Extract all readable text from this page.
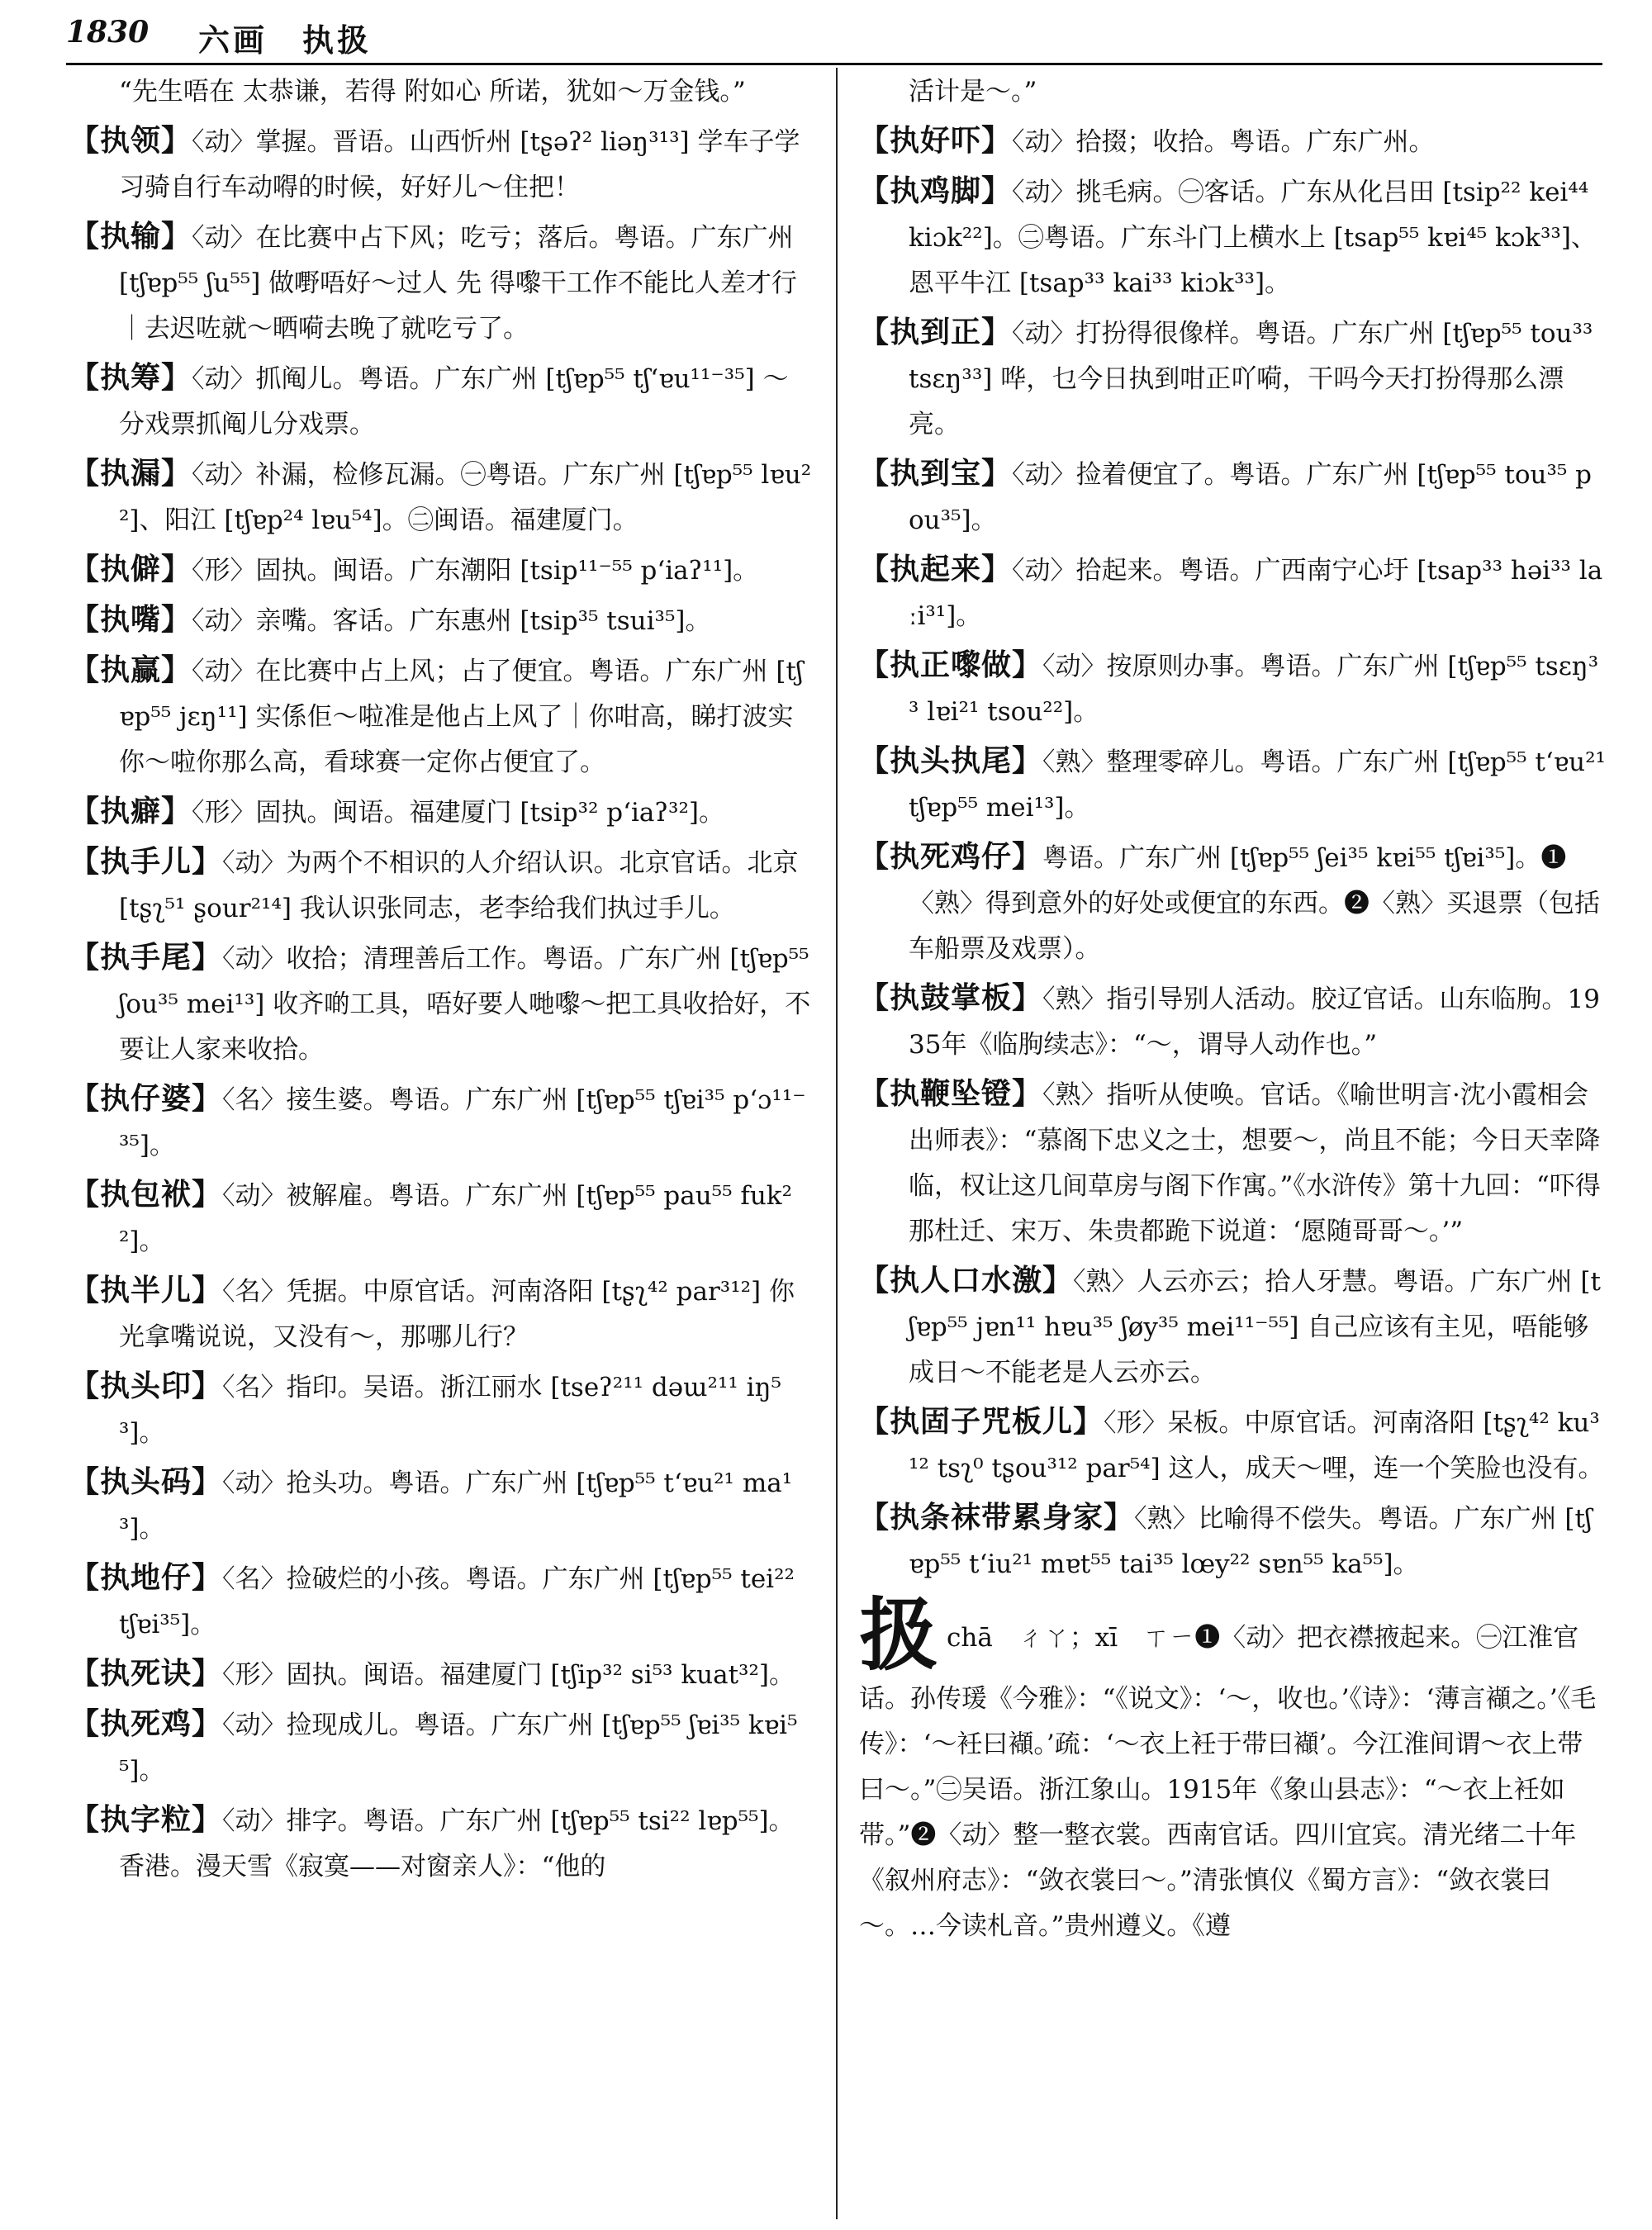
1830 六画　执扱

“先生唔在 太恭谦，若得 附如心 所诺，犹如～万金钱。”

【执领】〈动〉掌握。晋语。山西忻州 [tʂəʔ² liəŋ³¹³] 学车子学习骑自行车动嘚的时候，好好儿～住把！

【执输】〈动〉在比赛中占下风；吃亏；落后。粤语。广东广州 [tʃɐp⁵⁵ ʃu⁵⁵] 做嘢唔好～过人 先 得嚟干工作不能比人差才行｜去迟咗就～晒嗬去晚了就吃亏了。

【执筹】〈动〉抓阄儿。粤语。广东广州 [tʃɐp⁵⁵ tʃʻɐu¹¹⁻³⁵] ～分戏票抓阄儿分戏票。

【执漏】〈动〉补漏，检修瓦漏。㊀粤语。广东广州 [tʃɐp⁵⁵ lɐu²²]、阳江 [tʃɐp²⁴ lɐu⁵⁴]。㊁闽语。福建厦门。

【执僻】〈形〉固执。闽语。广东潮阳 [tsip¹¹⁻⁵⁵ pʻiaʔ¹¹]。

【执嘴】〈动〉亲嘴。客话。广东惠州 [tsip³⁵ tsui³⁵]。

【执赢】〈动〉在比赛中占上风；占了便宜。粤语。广东广州 [tʃɐp⁵⁵ jɛŋ¹¹] 实係佢～啦准是他占上风了｜你咁高，睇打波实你～啦你那么高，看球赛一定你占便宜了。

【执癖】〈形〉固执。闽语。福建厦门 [tsip³² pʻiaʔ³²]。

【执手儿】〈动〉为两个不相识的人介绍认识。北京官话。北京 [tʂʅ⁵¹ ʂour²¹⁴] 我认识张同志，老李给我们执过手儿。

【执手尾】〈动〉收拾；清理善后工作。粤语。广东广州 [tʃɐp⁵⁵ ʃou³⁵ mei¹³] 收齐啲工具，唔好要人哋嚟～把工具收拾好，不要让人家来收拾。

【执仔婆】〈名〉接生婆。粤语。广东广州 [tʃɐp⁵⁵ tʃɐi³⁵ pʻɔ¹¹⁻³⁵]。

【执包袱】〈动〉被解雇。粤语。广东广州 [tʃɐp⁵⁵ pau⁵⁵ fuk²²]。

【执半儿】〈名〉凭据。中原官话。河南洛阳 [tʂʅ⁴² par³¹²] 你光拿嘴说说，又没有～，那哪儿行？

【执头印】〈名〉指印。吴语。浙江丽水 [tseʔ²¹¹ dəɯ²¹¹ iŋ⁵³]。

【执头码】〈动〉抢头功。粤语。广东广州 [tʃɐp⁵⁵ tʻɐu²¹ ma¹³]。

【执地仔】〈名〉捡破烂的小孩。粤语。广东广州 [tʃɐp⁵⁵ tei²² tʃɐi³⁵]。

【执死诀】〈形〉固执。闽语。福建厦门 [tʃip³² si⁵³ kuat³²]。

【执死鸡】〈动〉捡现成儿。粤语。广东广州 [tʃɐp⁵⁵ ʃɐi³⁵ kɐi⁵⁵]。

【执字粒】〈动〉排字。粤语。广东广州 [tʃɐp⁵⁵ tsi²² lɐp⁵⁵]。香港。漫天雪《寂寞——对窗亲人》：“他的

活计是～。”

【执好吓】〈动〉拾掇；收拾。粤语。广东广州。

【执鸡脚】〈动〉挑毛病。㊀客话。广东从化吕田 [tsip²² kei⁴⁴ kiɔk²²]。㊁粤语。广东斗门上横水上 [tsap⁵⁵ kɐi⁴⁵ kɔk³³]、恩平牛江 [tsap³³ kai³³ kiɔk³³]。

【执到正】〈动〉打扮得很像样。粤语。广东广州 [tʃɐp⁵⁵ tou³³ tsɛŋ³³] 哗，乜今日执到咁正吖嗬，干吗今天打扮得那么漂亮。

【执到宝】〈动〉捡着便宜了。粤语。广东广州 [tʃɐp⁵⁵ tou³⁵ pou³⁵]。

【执起来】〈动〉拾起来。粤语。广西南宁心圩 [tsap³³ həi³³ laːi³¹]。

【执正嚟做】〈动〉按原则办事。粤语。广东广州 [tʃɐp⁵⁵ tsɛŋ³³ lɐi²¹ tsou²²]。

【执头执尾】〈熟〉整理零碎儿。粤语。广东广州 [tʃɐp⁵⁵ tʻɐu²¹ tʃɐp⁵⁵ mei¹³]。

【执死鸡仔】粤语。广东广州 [tʃɐp⁵⁵ ʃei³⁵ kɐi⁵⁵ tʃɐi³⁵]。❶〈熟〉得到意外的好处或便宜的东西。❷〈熟〉买退票（包括车船票及戏票）。

【执鼓掌板】〈熟〉指引导别人活动。胶辽官话。山东临朐。1935年《临朐续志》：“～，谓导人动作也。”

【执鞭坠镫】〈熟〉指听从使唤。官话。《喻世明言·沈小霞相会出师表》：“慕阁下忠义之士，想要～，尚且不能；今日天幸降临，权让这几间草房与阁下作寓。”《水浒传》第十九回：“吓得那杜迁、宋万、朱贵都跪下说道：‘愿随哥哥～。’”

【执人口水激】〈熟〉人云亦云；拾人牙慧。粤语。广东广州 [tʃɐp⁵⁵ jɐn¹¹ hɐu³⁵ ʃøy³⁵ mei¹¹⁻⁵⁵] 自己应该有主见，唔能够成日～不能老是人云亦云。

【执固子咒板儿】〈形〉呆板。中原官话。河南洛阳 [tʂʅ⁴² ku³¹² tsʅ⁰ tʂou³¹² par⁵⁴] 这人，成天～哩，连一个笑脸也没有。

【执条袜带累身家】〈熟〉比喻得不偿失。粤语。广东广州 [tʃɐp⁵⁵ tʻiu²¹ mɐt⁵⁵ tai³⁵ lœy²² sɐn⁵⁵ ka⁵⁵]。

扱chā　ㄔㄚ；xī　ㄒㄧ❶〈动〉把衣襟掖起来。㊀江淮官话。孙传瑗《今雅》：“《说文》：‘～，收也。’《诗》：‘薄言襭之。’《毛传》：‘～衽曰襭。’疏：‘～衣上衽于带曰襭’。今江淮间谓～衣上带曰～。”㊁吴语。浙江象山。1915年《象山县志》：“～衣上衽如带。”❷〈动〉整一整衣裳。西南官话。四川宜宾。清光绪二十年《叙州府志》：“敛衣裳曰～。”清张慎仪《蜀方言》：“敛衣裳曰～。…今读札音。”贵州遵义。《遵
